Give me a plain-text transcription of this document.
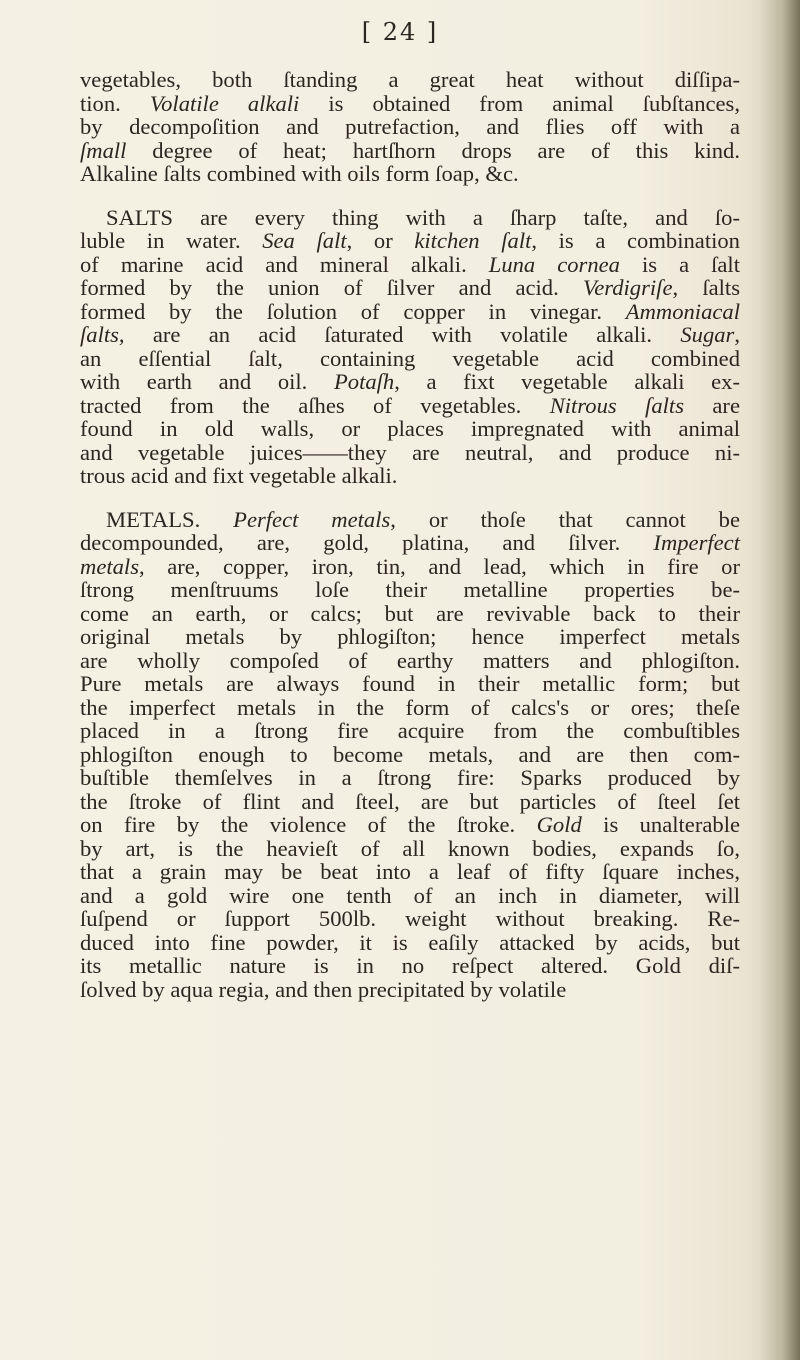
[ 24 ]
vegetables, both ſtanding a great heat without diſſipa-
tion. Volatile alkali is obtained from animal ſubſtances,
by decompoſition and putrefaction, and flies off with a
ſmall degree of heat; hartſhorn drops are of this kind.
Alkaline ſalts combined with oils form ſoap, &c.
SALTS are every thing with a ſharp taſte, and ſo-
luble in water. Sea ſalt, or kitchen ſalt, is a combination
of marine acid and mineral alkali. Luna cornea is a ſalt
formed by the union of ſilver and acid. Verdigriſe, ſalts
formed by the ſolution of copper in vinegar. Ammoniacal
ſalts, are an acid ſaturated with volatile alkali. Sugar,
an eſſential ſalt, containing vegetable acid combined
with earth and oil. Potaſh, a fixt vegetable alkali ex-
tracted from the aſhes of vegetables. Nitrous ſalts are
found in old walls, or places impregnated with animal
and vegetable juices——they are neutral, and produce ni-
trous acid and fixt vegetable alkali.
METALS. Perfect metals, or thoſe that cannot be
decompounded, are, gold, platina, and ſilver. Imperfect
metals, are, copper, iron, tin, and lead, which in fire or
ſtrong menſtruums loſe their metalline properties be-
come an earth, or calcs; but are revivable back to their
original metals by phlogiſton; hence imperfect metals
are wholly compoſed of earthy matters and phlogiſton.
Pure metals are always found in their metallic form; but
the imperfect metals in the form of calcs's or ores; theſe
placed in a ſtrong fire acquire from the combuſtibles
phlogiſton enough to become metals, and are then com-
buſtible themſelves in a ſtrong fire: Sparks produced by
the ſtroke of flint and ſteel, are but particles of ſteel ſet
on fire by the violence of the ſtroke. Gold is unalterable
by art, is the heavieſt of all known bodies, expands ſo,
that a grain may be beat into a leaf of fifty ſquare inches,
and a gold wire one tenth of an inch in diameter, will
ſuſpend or ſupport 500lb. weight without breaking. Re-
duced into fine powder, it is eaſily attacked by acids, but
its metallic nature is in no reſpect altered. Gold diſ-
ſolved by aqua regia, and then precipitated by volatile
